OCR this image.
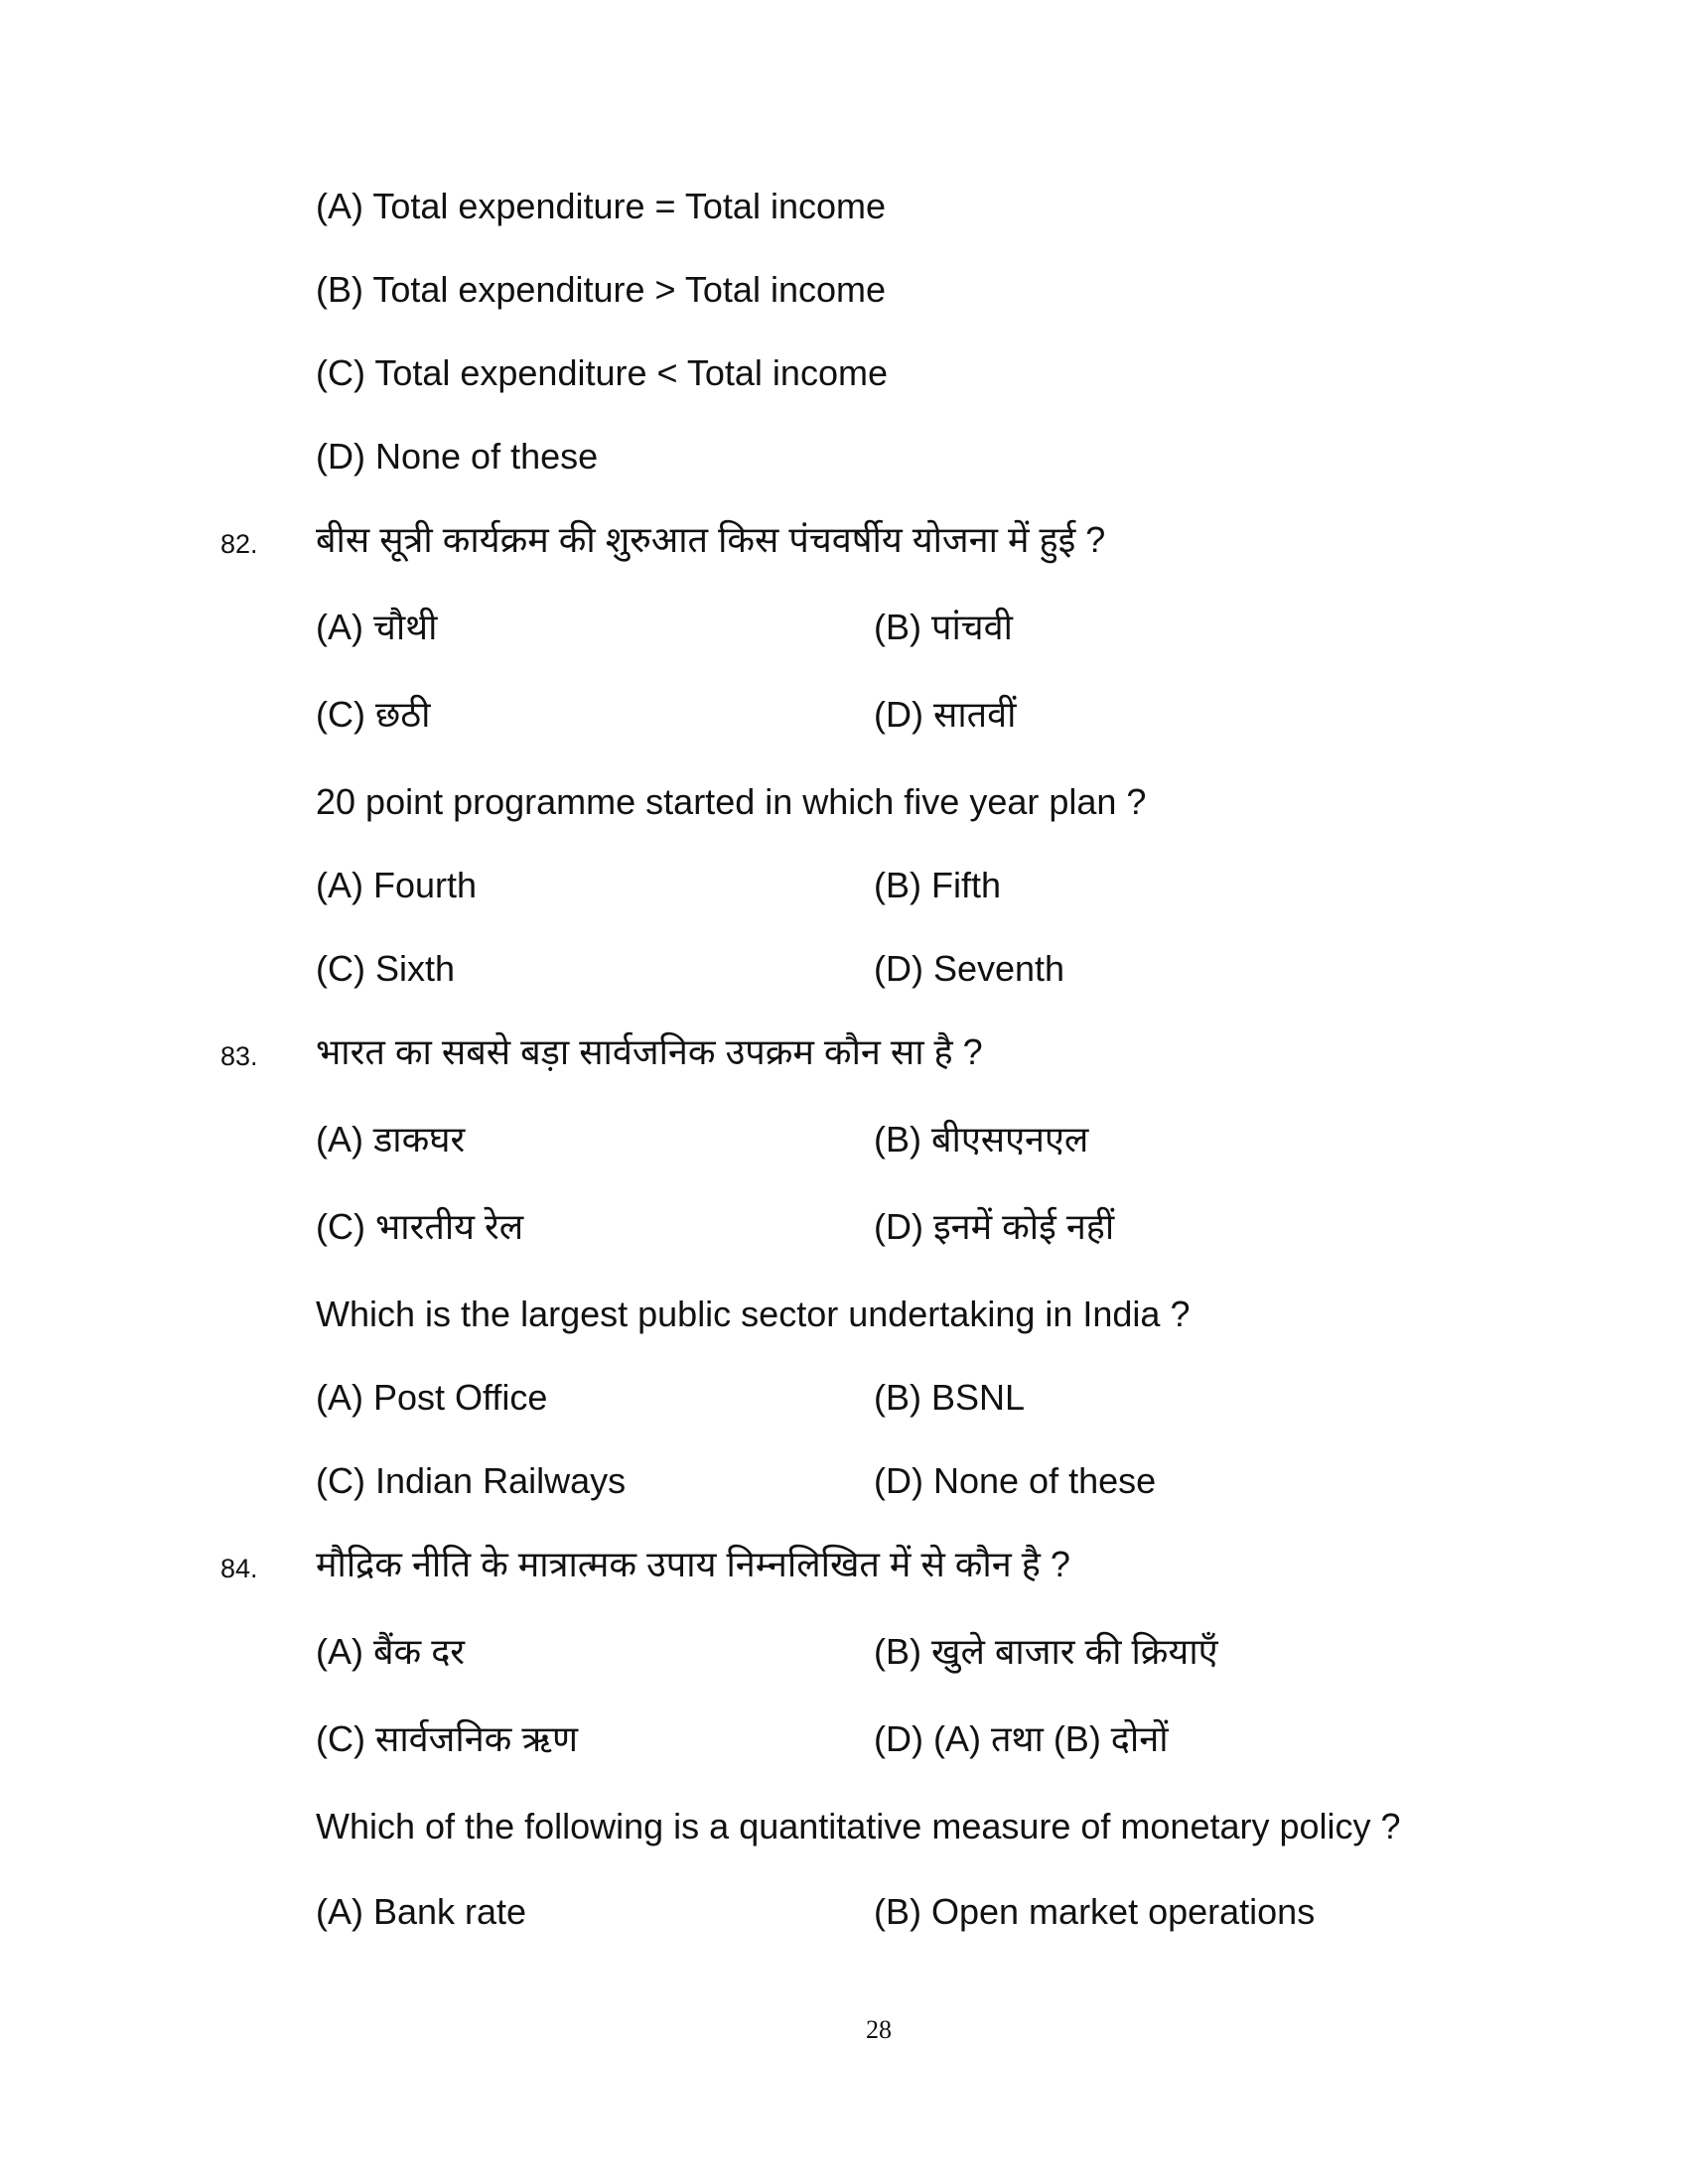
(A) Total expenditure = Total income
(B) Total expenditure > Total income
(C) Total expenditure < Total income
(D) None of these
82. बीस सूत्री कार्यक्रम की शुरुआत किस पंचवर्षीय योजना में हुई ?
(A) चौथी	(B) पांचवी
(C) छठी	(D) सातवीं
20 point programme started in which five year plan ?
(A) Fourth	(B) Fifth
(C) Sixth	(D) Seventh
83. भारत का सबसे बड़ा सार्वजनिक उपक्रम कौन सा है ?
(A) डाकघर	(B) बीएसएनएल
(C) भारतीय रेल	(D) इनमें कोई नहीं
Which is the largest public sector undertaking in India ?
(A) Post Office	(B) BSNL
(C) Indian Railways	(D) None of these
84. मौद्रिक नीति के मात्रात्मक उपाय निम्नलिखित में से कौन है ?
(A) बैंक दर	(B) खुले बाजार की क्रियाएँ
(C) सार्वजनिक ऋण	(D) (A) तथा (B) दोनों
Which of the following is a quantitative measure of monetary policy ?
(A) Bank rate	(B) Open market operations
28
